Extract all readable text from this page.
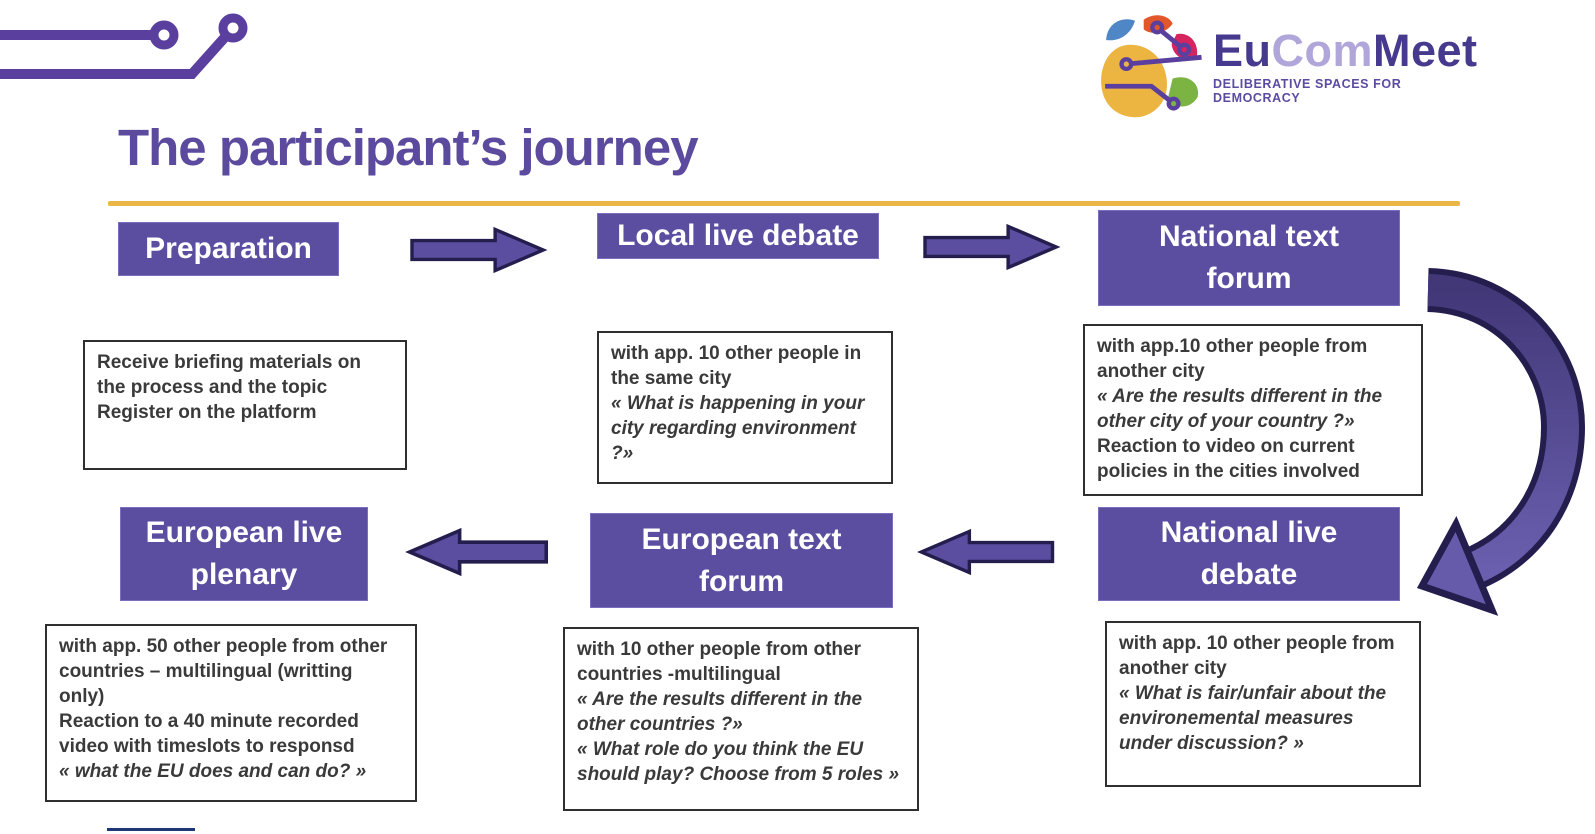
EuComMeet
DELIBERATIVE SPACES FOR DEMOCRACY
The participant’s journey
Preparation	Local live debate	National text forum

Receive briefing materials on the process and the topic

Register on the platform

with app. 10 other people in the same city

« What is happening in your city regarding environment ?»

with app.10 other people from another city

« Are the results different in the other city of your country ?»

Reaction to video on current policies in the cities involved

European live plenary
European text forum
National live debate

with app. 50 other people from other countries – multilingual (writting only)

Reaction to a 40 minute recorded video with timeslots to responsd

« what the EU does and can do? »

with 10 other people from other countries -multilingual

« Are the results different in the other countries ?»

« What role do you think the EU should play? Choose from 5 roles »

with app. 10 other people from another city

« What is fair/unfair about the environemental measures under discussion? »
